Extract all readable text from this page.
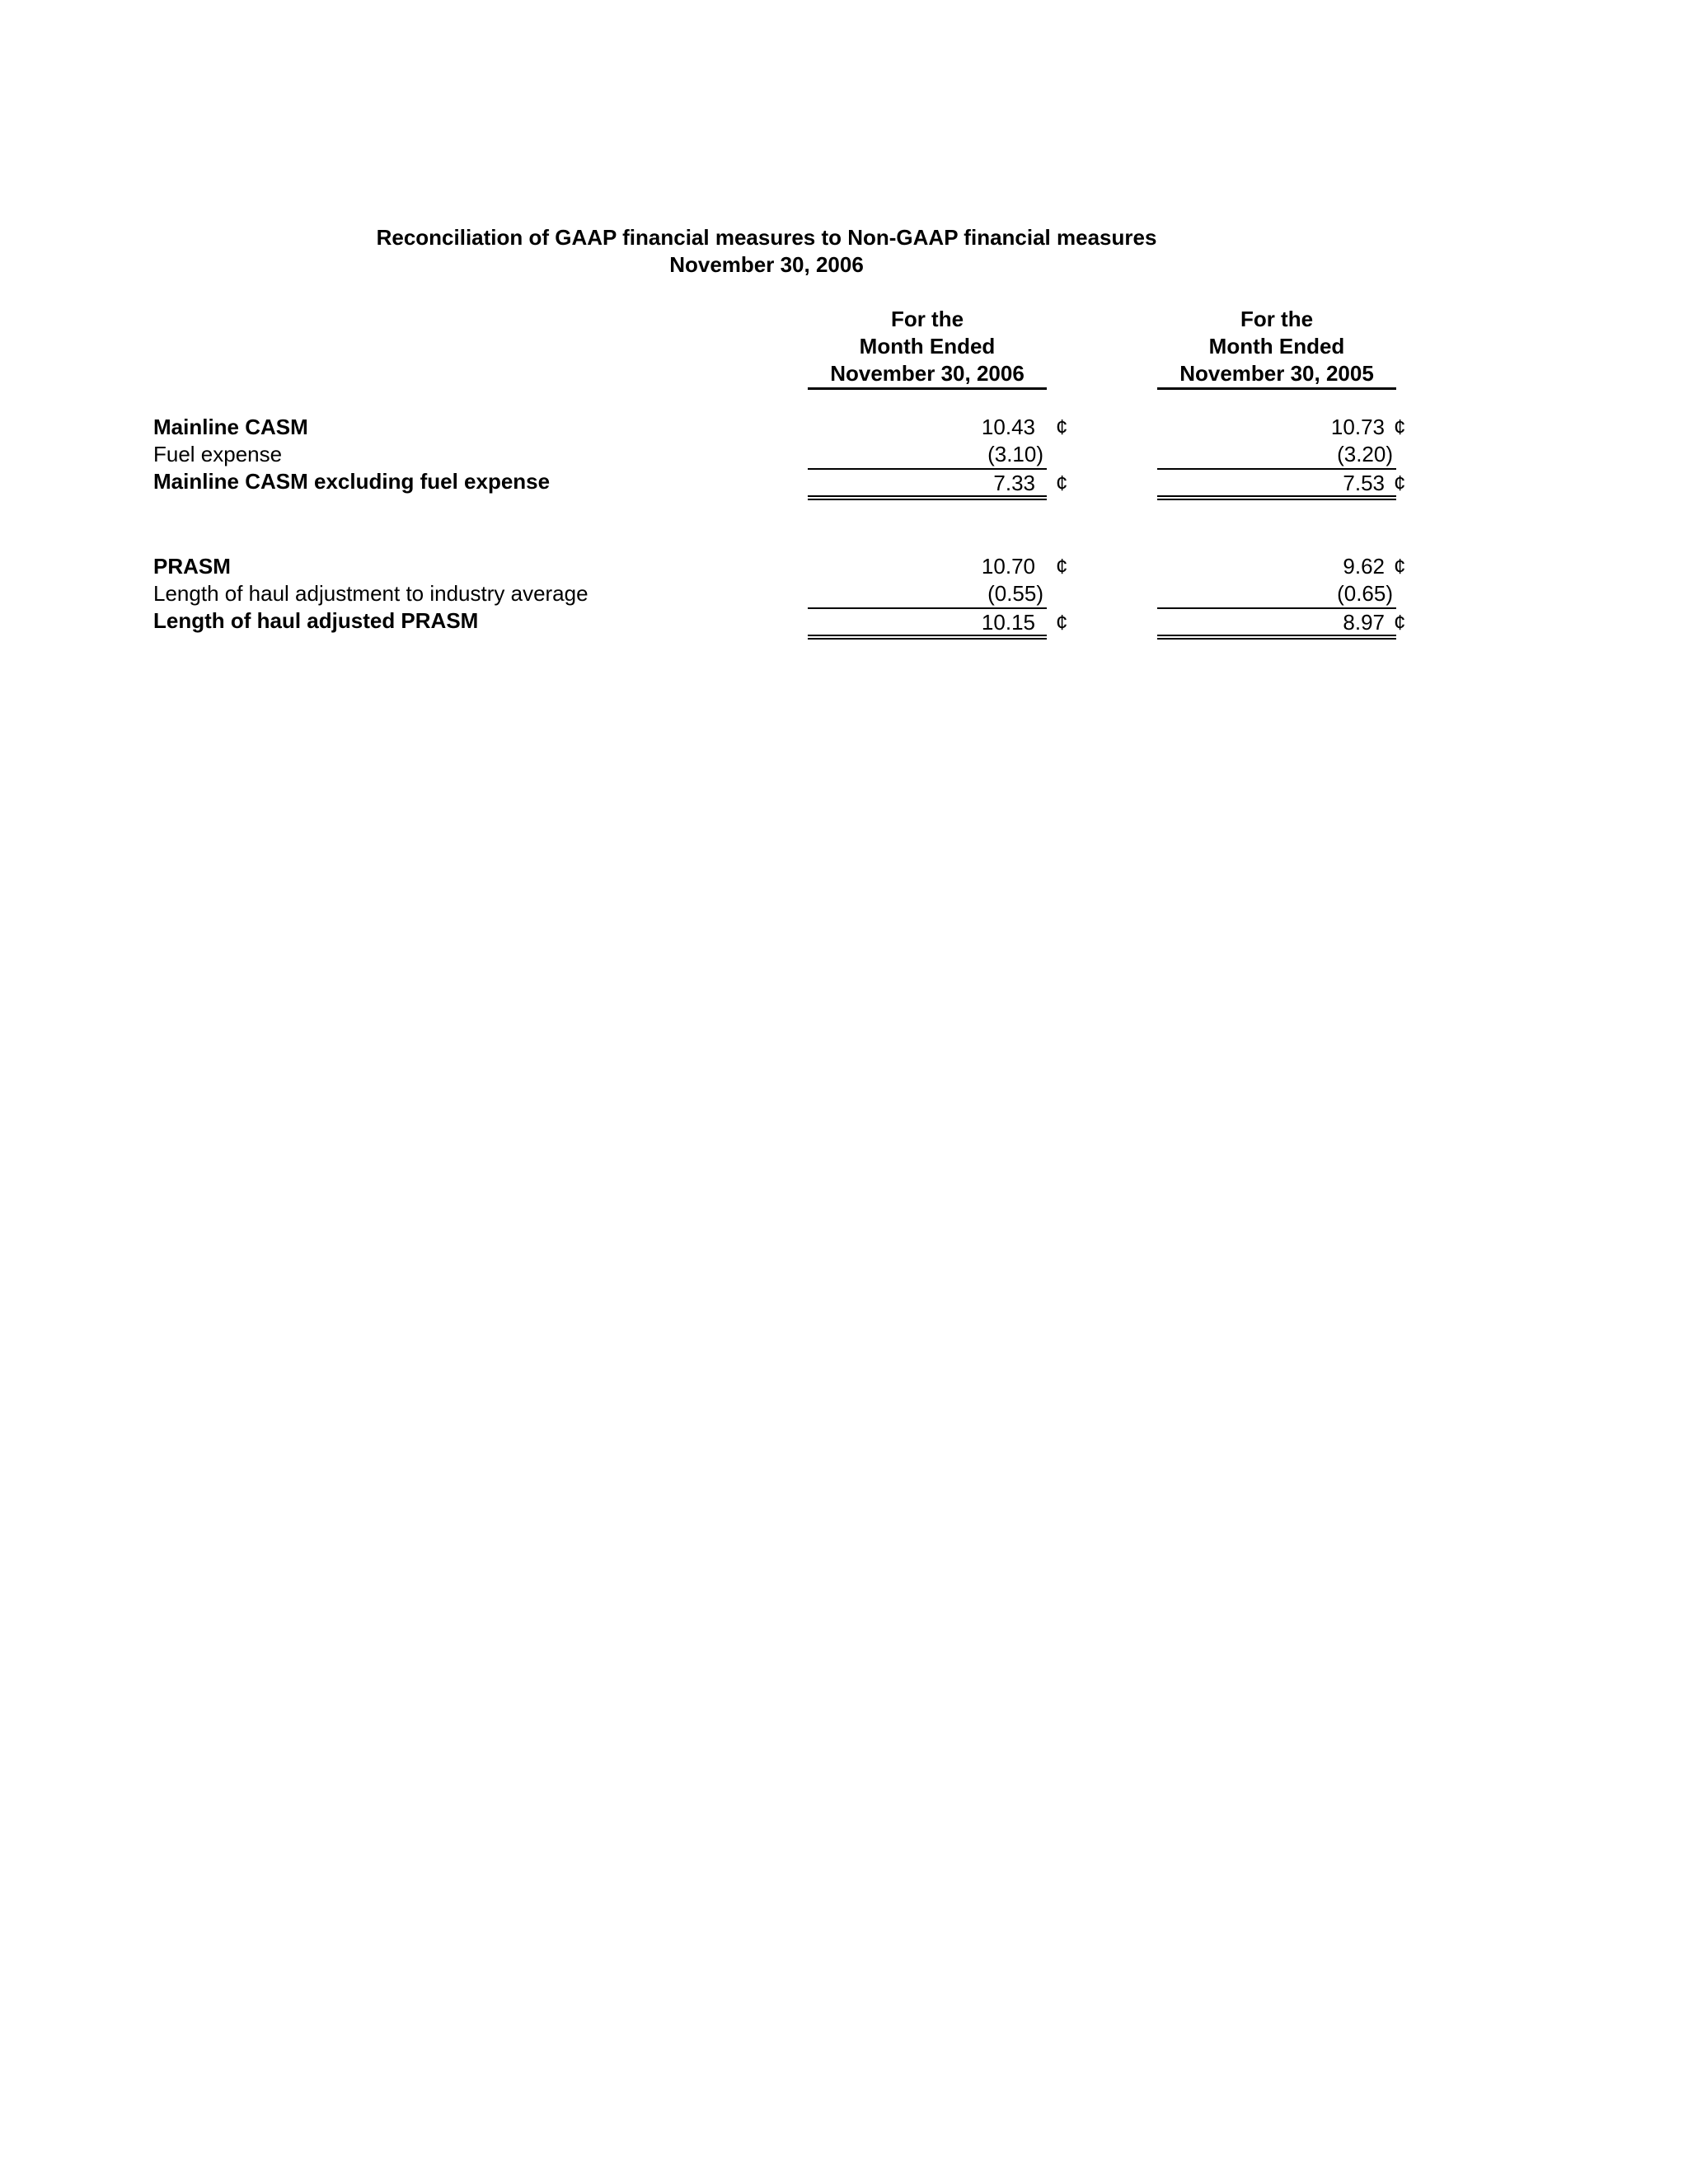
Reconciliation of GAAP financial measures to Non-GAAP financial measures
November 30, 2006
For the
Month Ended
November 30, 2006
For the
Month Ended
November 30, 2005
Mainline CASM	10.43 ¢	10.73 ¢
Fuel expense	(3.10)	(3.20)
Mainline CASM excluding fuel expense	7.33 ¢	7.53 ¢
PRASM	10.70 ¢	9.62 ¢
Length of haul adjustment to industry average	(0.55)	(0.65)
Length of haul adjusted PRASM	10.15 ¢	8.97 ¢
